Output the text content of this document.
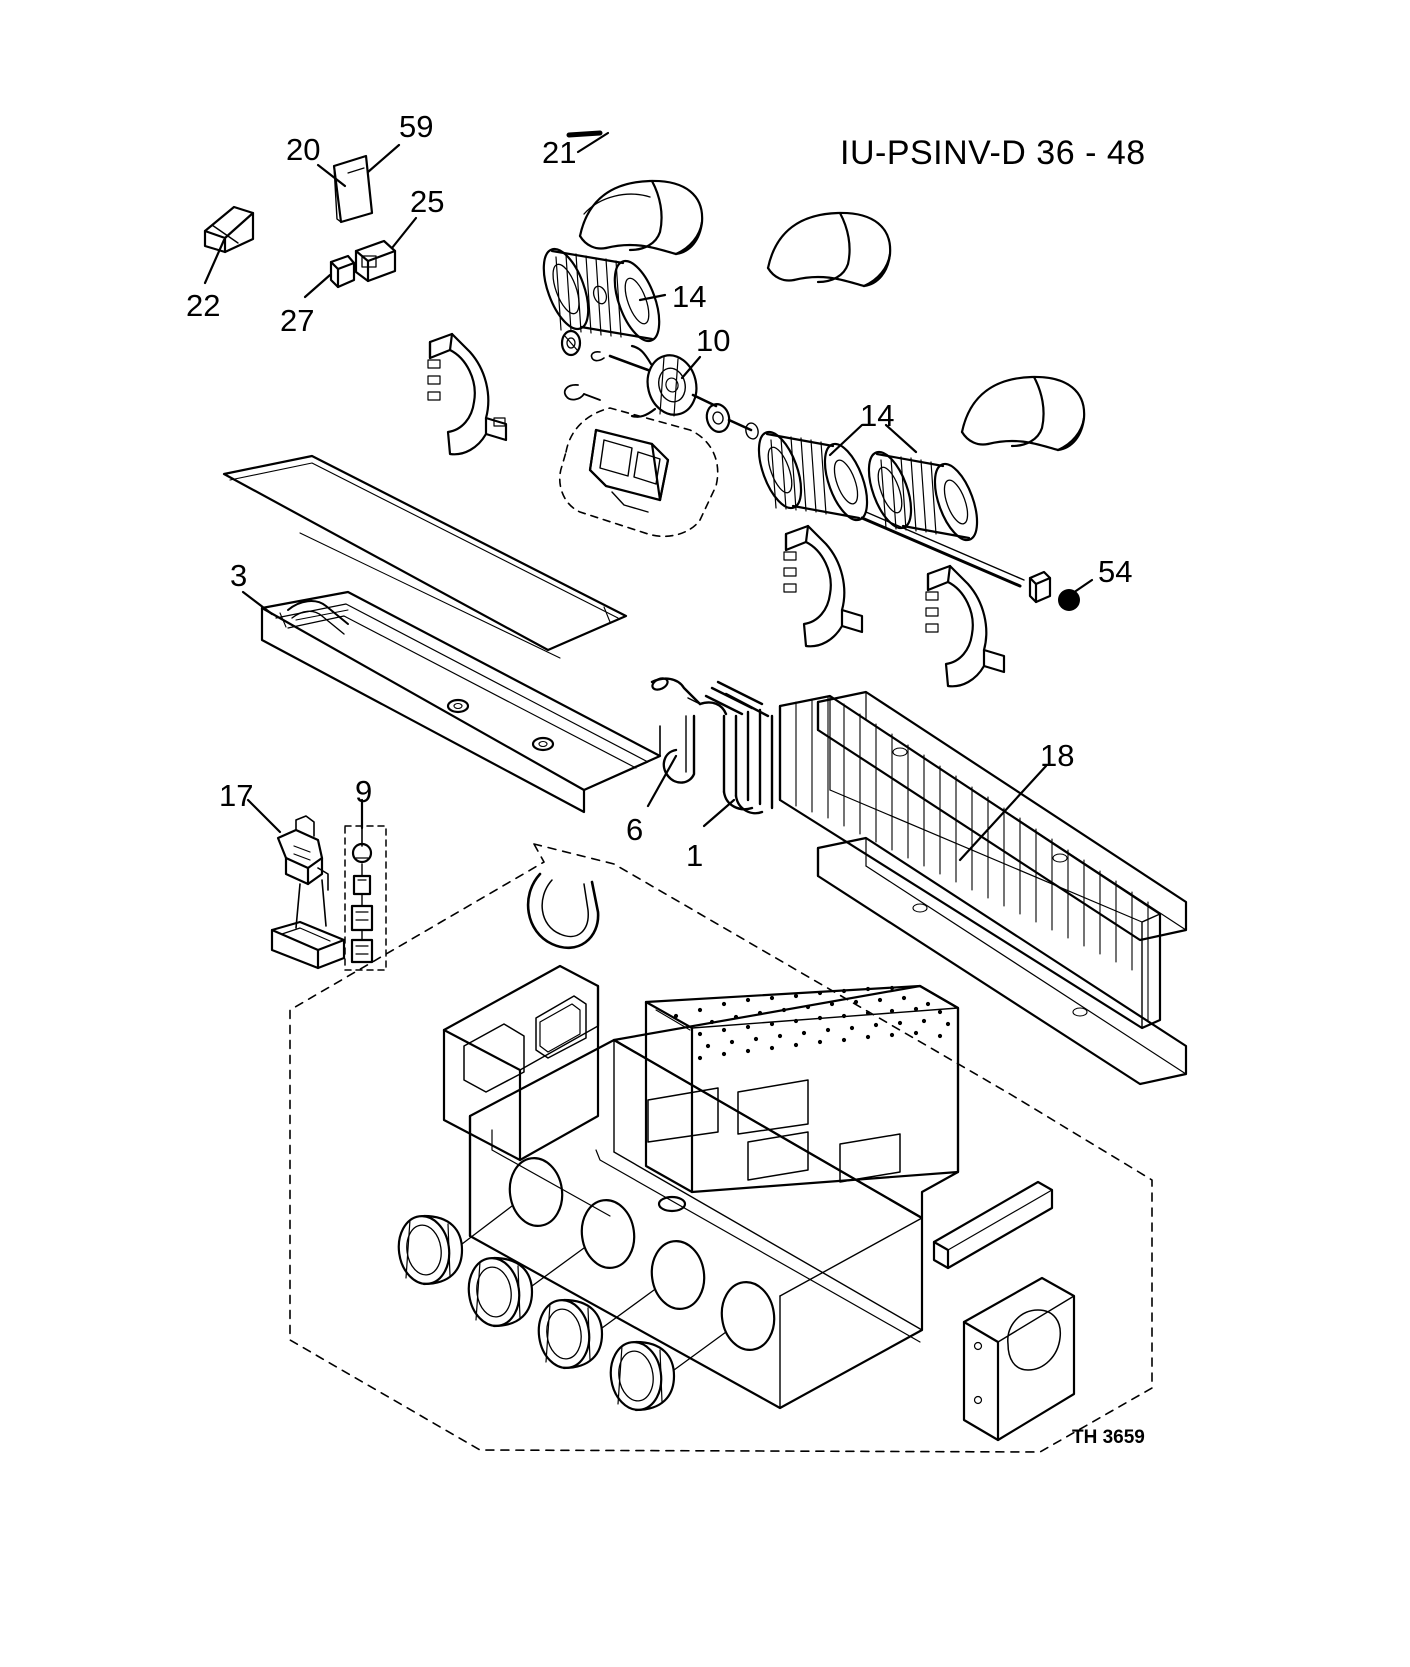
IU-PSINV-D 36 - 48
TH 3659
20
59
21
25
22 27
14
10
14
54
3
18
6
1
17	9
